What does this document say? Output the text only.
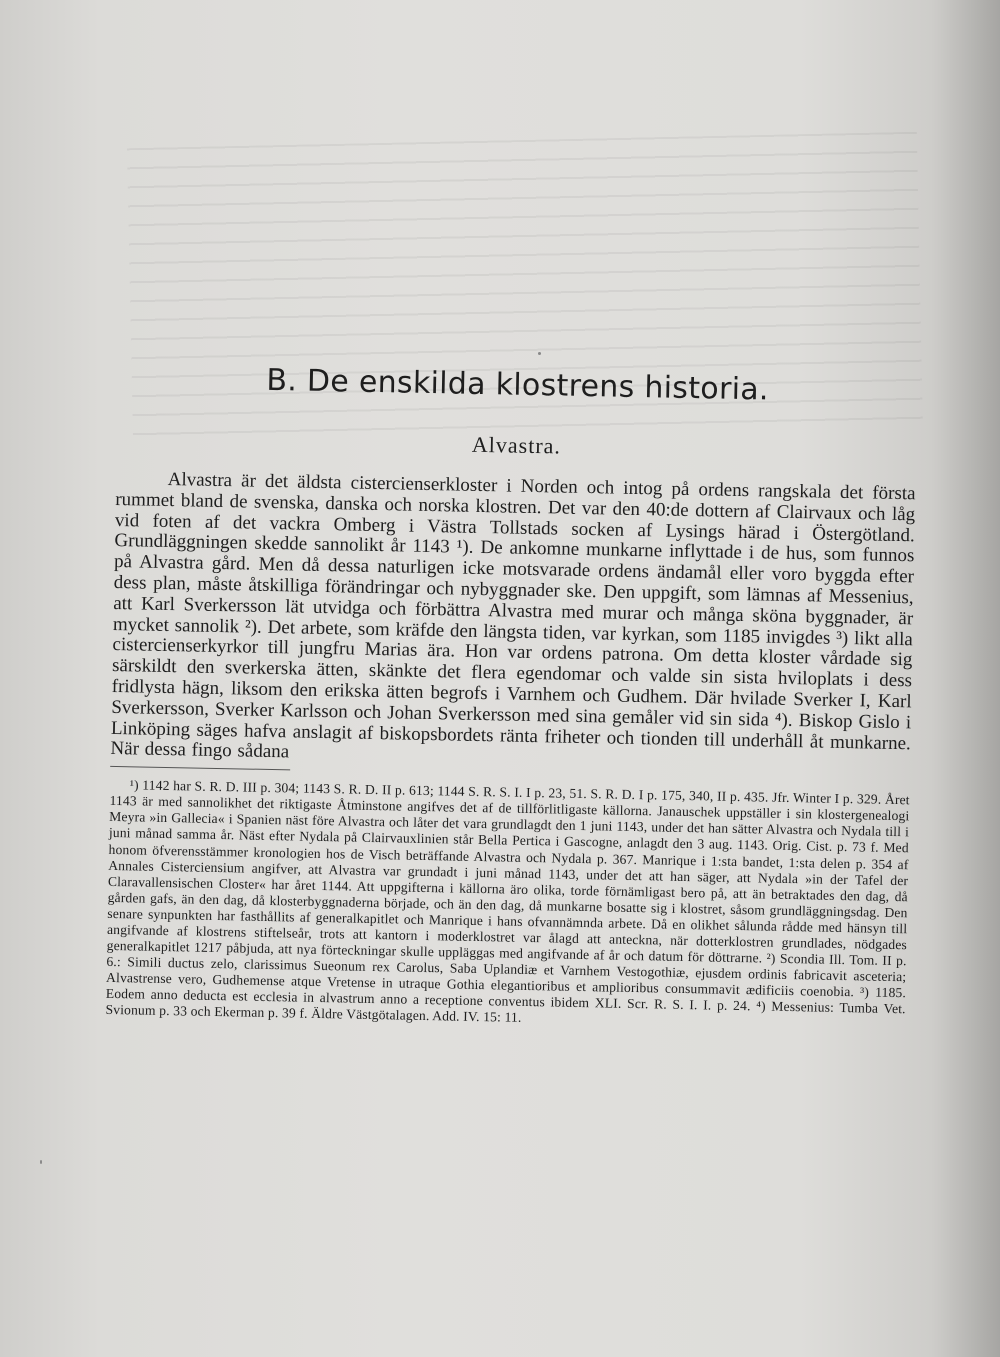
B. De enskilda klostrens historia.
Alvastra.

Alvastra är det äldsta cistercienserkloster i Norden och intog på ordens rangskala det första rummet bland de svenska, danska och norska klostren. Det var den 40:de dottern af Clairvaux och låg vid foten af det vackra Omberg i Västra Tollstads socken af Lysings härad i Östergötland. Grundläggningen skedde sannolikt år 1143 ¹). De ankomne munkarne inflyttade i de hus, som funnos på Alvastra gård. Men då dessa naturligen icke motsvarade ordens ändamål eller voro byggda efter dess plan, måste åtskilliga förändringar och nybyggnader ske. Den uppgift, som lämnas af Messenius, att Karl Sverkersson lät utvidga och förbättra Alvastra med murar och många sköna byggnader, är mycket sannolik ²). Det arbete, som kräfde den längsta tiden, var kyrkan, som 1185 invigdes ³) likt alla cistercienserkyrkor till jungfru Marias ära. Hon var ordens patrona. Om detta kloster vårdade sig särskildt den sverkerska ätten, skänkte det flera egendomar och valde sin sista hviloplats i dess fridlysta hägn, liksom den erikska ätten begrofs i Varnhem och Gudhem. Där hvilade Sverker I, Karl Sverkersson, Sverker Karlsson och Johan Sverkersson med sina gemåler vid sin sida ⁴). Biskop Gislo i Linköping säges hafva anslagit af biskopsbordets ränta friheter och tionden till underhåll åt munkarne. När dessa fingo sådana

¹) 1142 har S. R. D. III p. 304; 1143 S. R. D. II p. 613; 1144 S. R. S. I. I p. 23, 51. S. R. D. I p. 175, 340, II p. 435. Jfr. Winter I p. 329. Året 1143 är med sannolikhet det riktigaste Åtminstone angifves det af de tillförlitligaste källorna. Janauschek uppställer i sin klostergenealogi Meyra »in Gallecia« i Spanien näst före Alvastra och låter det vara grundlagdt den 1 juni 1143, under det han sätter Alvastra och Nydala till i juni månad samma år. Näst efter Nydala på Clairvauxlinien står Bella Pertica i Gascogne, anlagdt den 3 aug. 1143. Orig. Cist. p. 73 f. Med honom öfverensstämmer kronologien hos de Visch beträffande Alvastra och Nydala p. 367. Manrique i 1:sta bandet, 1:sta delen p. 354 af Annales Cisterciensium angifver, att Alvastra var grundadt i juni månad 1143, under det att han säger, att Nydala »in der Tafel der Claravallensischen Closter« har året 1144. Att uppgifterna i källorna äro olika, torde förnämligast bero på, att än betraktades den dag, då gården gafs, än den dag, då klosterbyggnaderna började, och än den dag, då munkarne bosatte sig i klostret, såsom grundläggningsdag. Den senare synpunkten har fasthållits af generalkapitlet och Manrique i hans ofvannämnda arbete. Då en olikhet sålunda rådde med hänsyn till angifvande af klostrens stiftelseår, trots att kantorn i moderklostret var ålagd att anteckna, när dotterklostren grundlades, nödgades generalkapitlet 1217 påbjuda, att nya förteckningar skulle uppläggas med angifvande af år och datum för döttrarne. ²) Scondia Ill. Tom. II p. 6.: Simili ductus zelo, clarissimus Sueonum rex Carolus, Saba Uplandiæ et Varnhem Vestogothiæ, ejusdem ordinis fabricavit asceteria; Alvastrense vero, Gudhemense atque Vretense in utraque Gothia elegantioribus et amplioribus consummavit ædificiis coenobia. ³) 1185. Eodem anno deducta est ecclesia in alvastrum anno a receptione conventus ibidem XLI. Scr. R. S. I. I. p. 24. ⁴) Messenius: Tumba Vet. Svionum p. 33 och Ekerman p. 39 f. Äldre Västgötalagen. Add. IV. 15: 11.
